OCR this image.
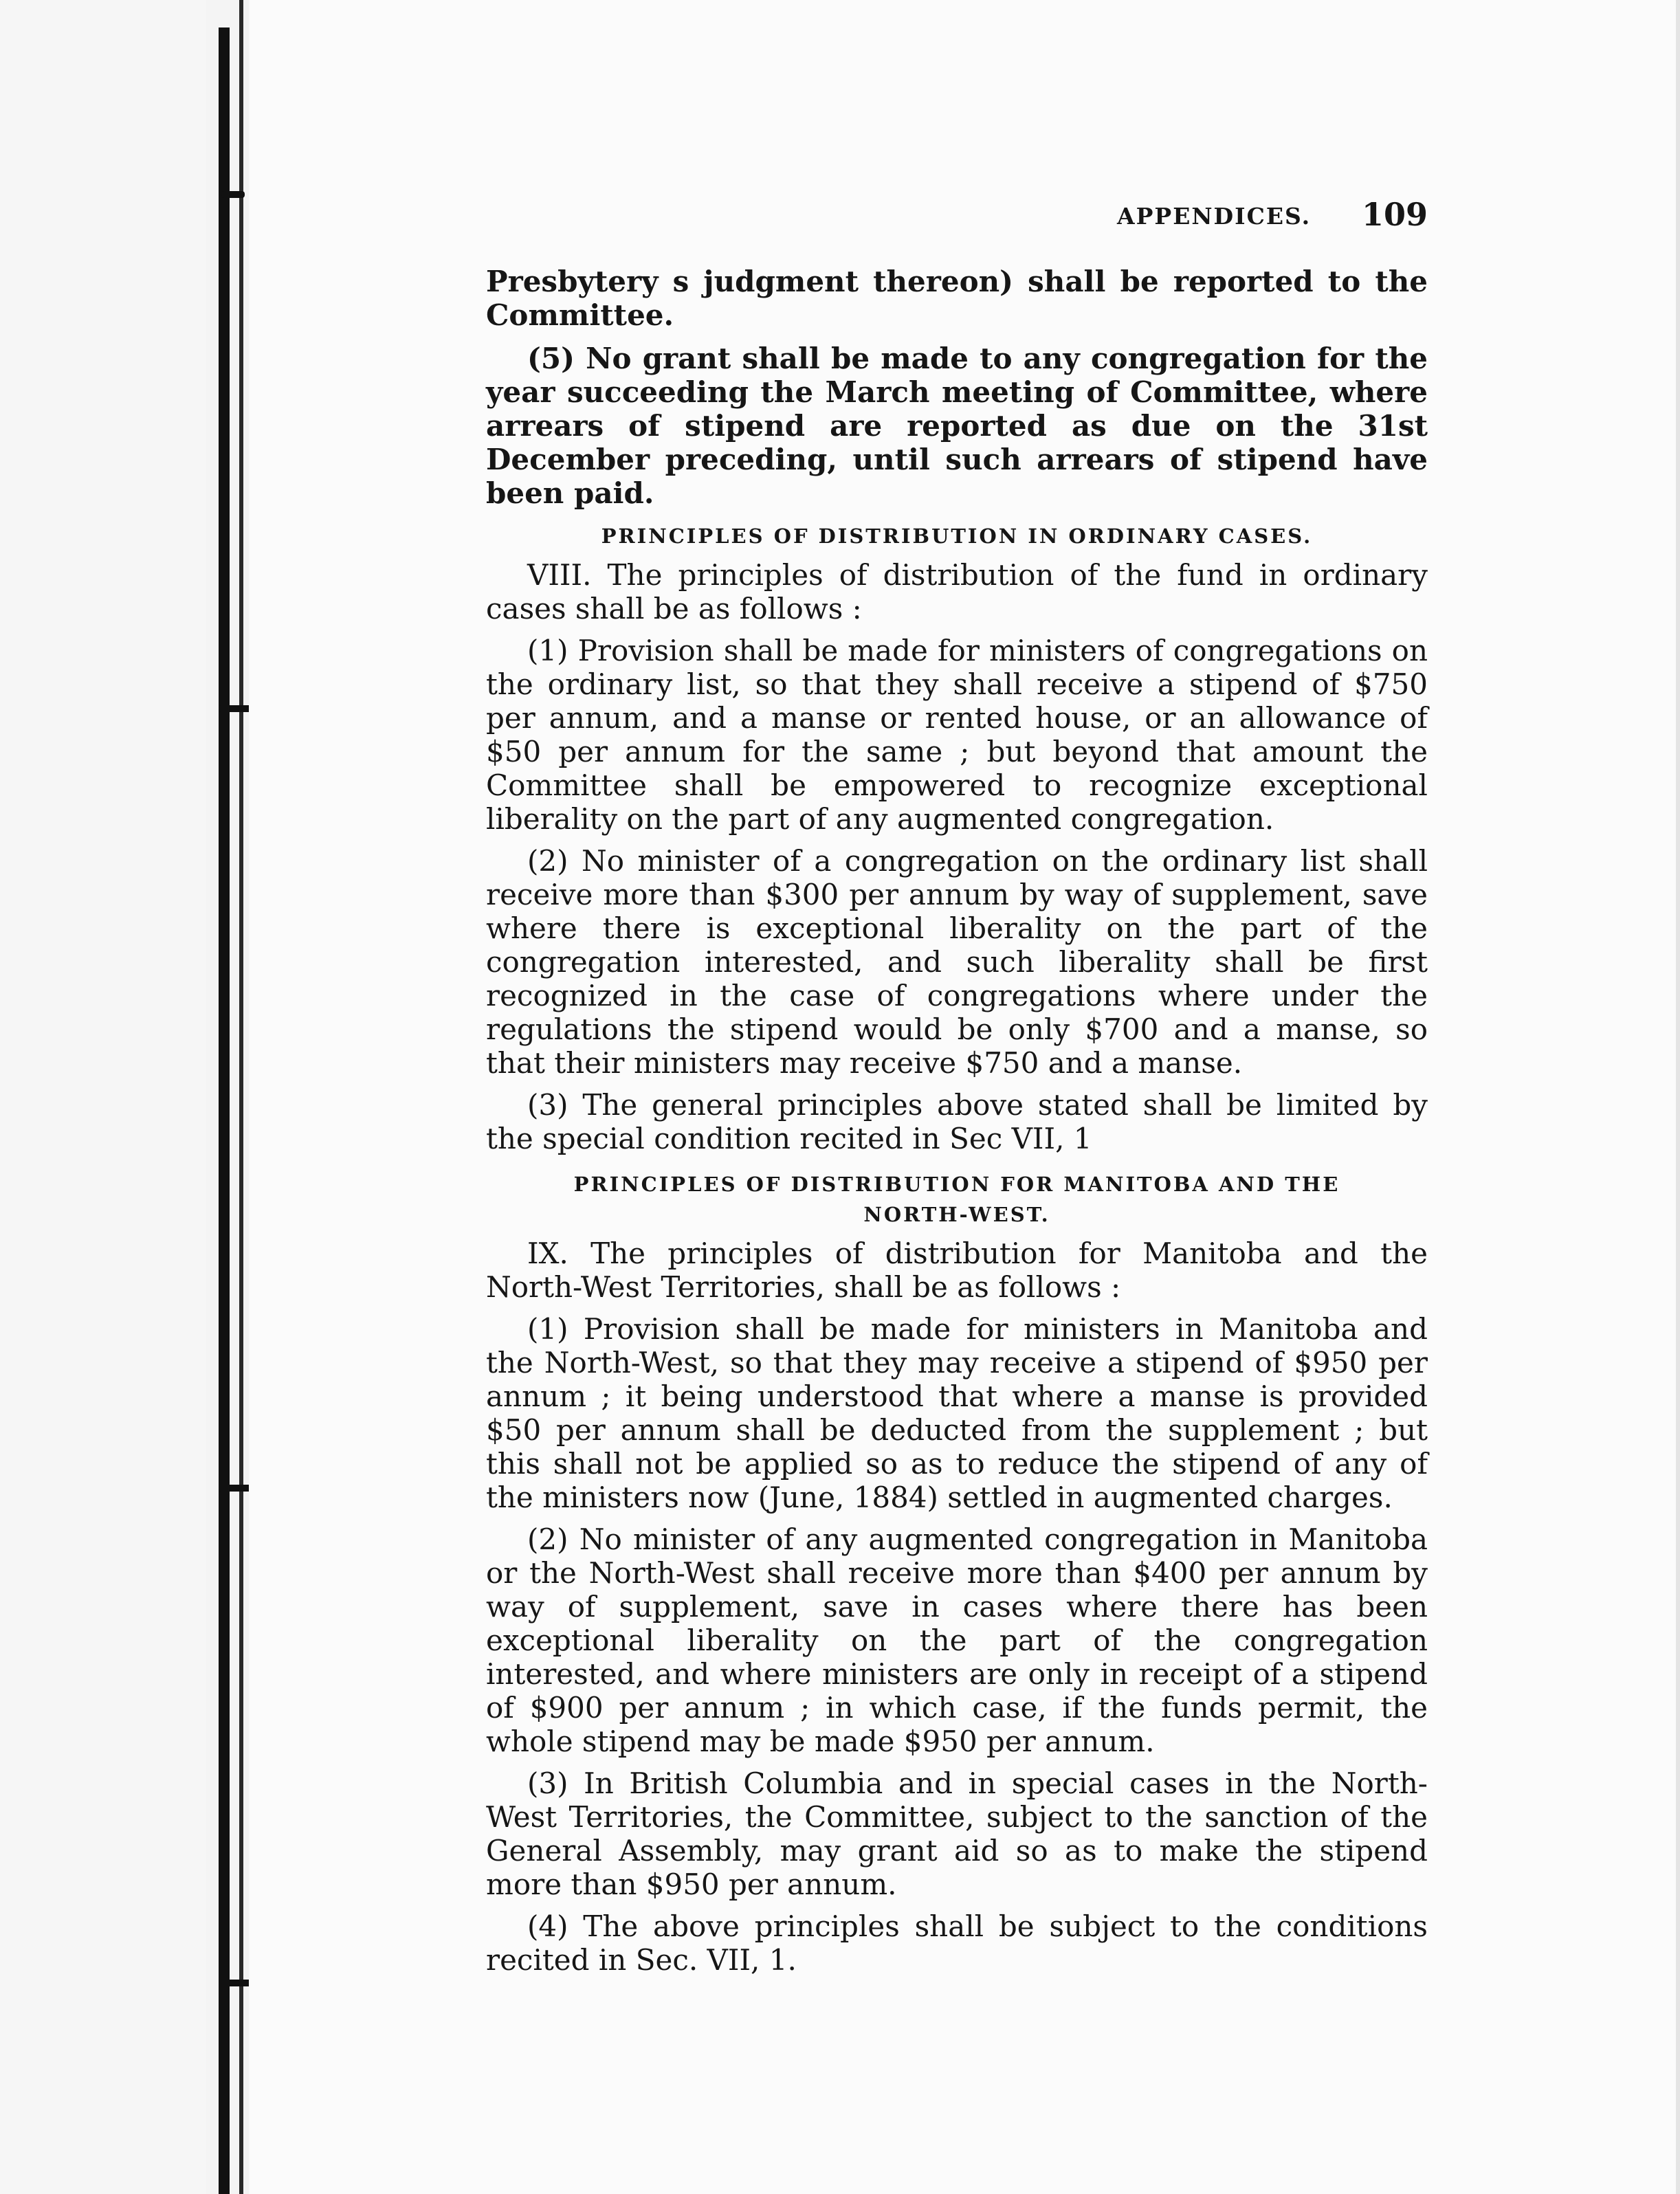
APPENDICES. 109

Presbytery s judgment thereon) shall be reported to the Committee.

(5) No grant shall be made to any congregation for the year succeeding the March meeting of Committee, where arrears of stipend are reported as due on the 31st December preceding, until such arrears of stipend have been paid.

PRINCIPLES OF DISTRIBUTION IN ORDINARY CASES.

VIII. The principles of distribution of the fund in ordinary cases shall be as follows :

(1) Provision shall be made for ministers of congregations on the ordinary list, so that they shall receive a stipend of $750 per annum, and a manse or rented house, or an allowance of $50 per annum for the same ; but beyond that amount the Committee shall be empowered to recognize exceptional liberality on the part of any augmented congregation.

(2) No minister of a congregation on the ordinary list shall receive more than $300 per annum by way of supplement, save where there is exceptional liberality on the part of the congregation interested, and such liberality shall be first recognized in the case of congregations where under the regulations the stipend would be only $700 and a manse, so that their ministers may receive $750 and a manse.

(3) The general principles above stated shall be limited by the special condition recited in Sec VII, 1

PRINCIPLES OF DISTRIBUTION FOR MANITOBA AND THE NORTH-WEST.

IX. The principles of distribution for Manitoba and the North-West Territories, shall be as follows :

(1) Provision shall be made for ministers in Manitoba and the North-West, so that they may receive a stipend of $950 per annum ; it being understood that where a manse is provided $50 per annum shall be deducted from the supplement ; but this shall not be applied so as to reduce the stipend of any of the ministers now (June, 1884) settled in augmented charges.

(2) No minister of any augmented congregation in Manitoba or the North-West shall receive more than $400 per annum by way of supplement, save in cases where there has been exceptional liberality on the part of the congregation interested, and where ministers are only in receipt of a stipend of $900 per annum ; in which case, if the funds permit, the whole stipend may be made $950 per annum.

(3) In British Columbia and in special cases in the North-West Territories, the Committee, subject to the sanction of the General Assembly, may grant aid so as to make the stipend more than $950 per annum.

(4) The above principles shall be subject to the conditions recited in Sec. VII, 1.
